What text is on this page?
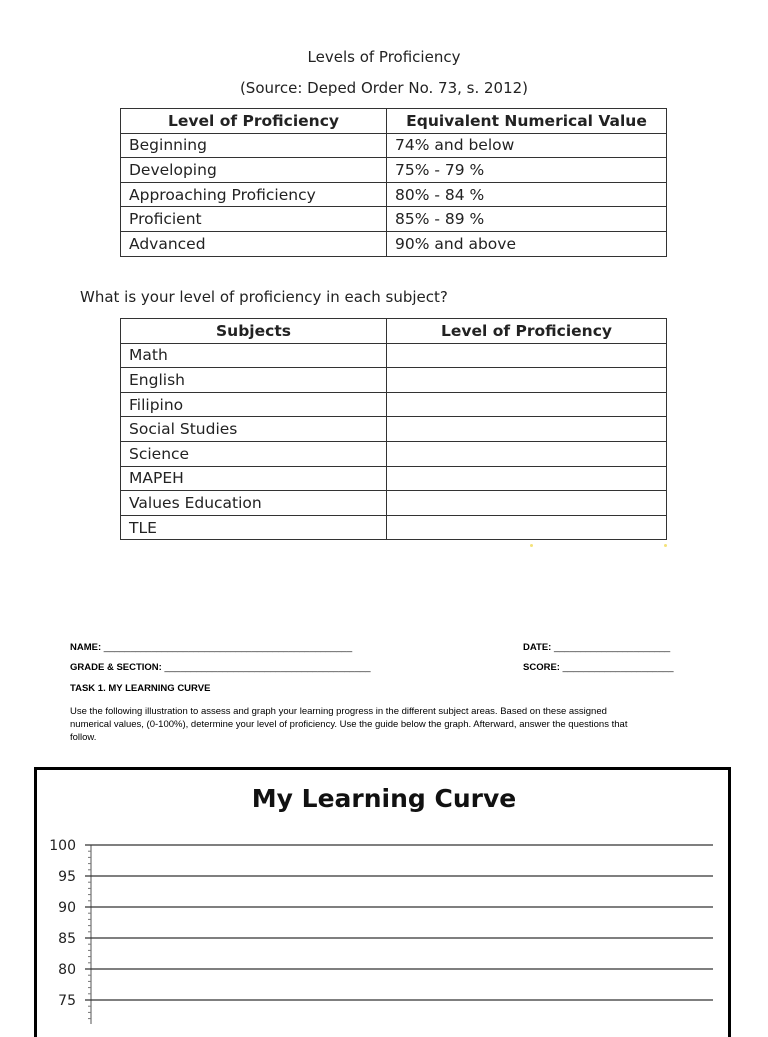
Levels of Proficiency
(Source: Deped Order No. 73, s. 2012)
Level of Proficiency	Equivalent Numerical Value
Beginning	74% and below
Developing	75% - 79 %
Approaching Proficiency	80% - 84 %
Proficient	85% - 89 %
Advanced	90% and above
What is your level of proficiency in each subject?
Subjects	Level of Proficiency
Math	
English	
Filipino	
Social Studies	
Science	
MAPEH	
Values Education	
TLE	
NAME: _______________________________________________	DATE: ______________________
GRADE & SECTION: _______________________________________	SCORE: _____________________
TASK 1. MY LEARNING CURVE
Use the following illustration to assess and graph your learning progress in the different subject areas. Based on these assigned
numerical values, (0-100%), determine your level of proficiency. Use the guide below the graph. Afterward, answer the questions that
follow.
My Learning Curve
100
95
90
85
80
75
